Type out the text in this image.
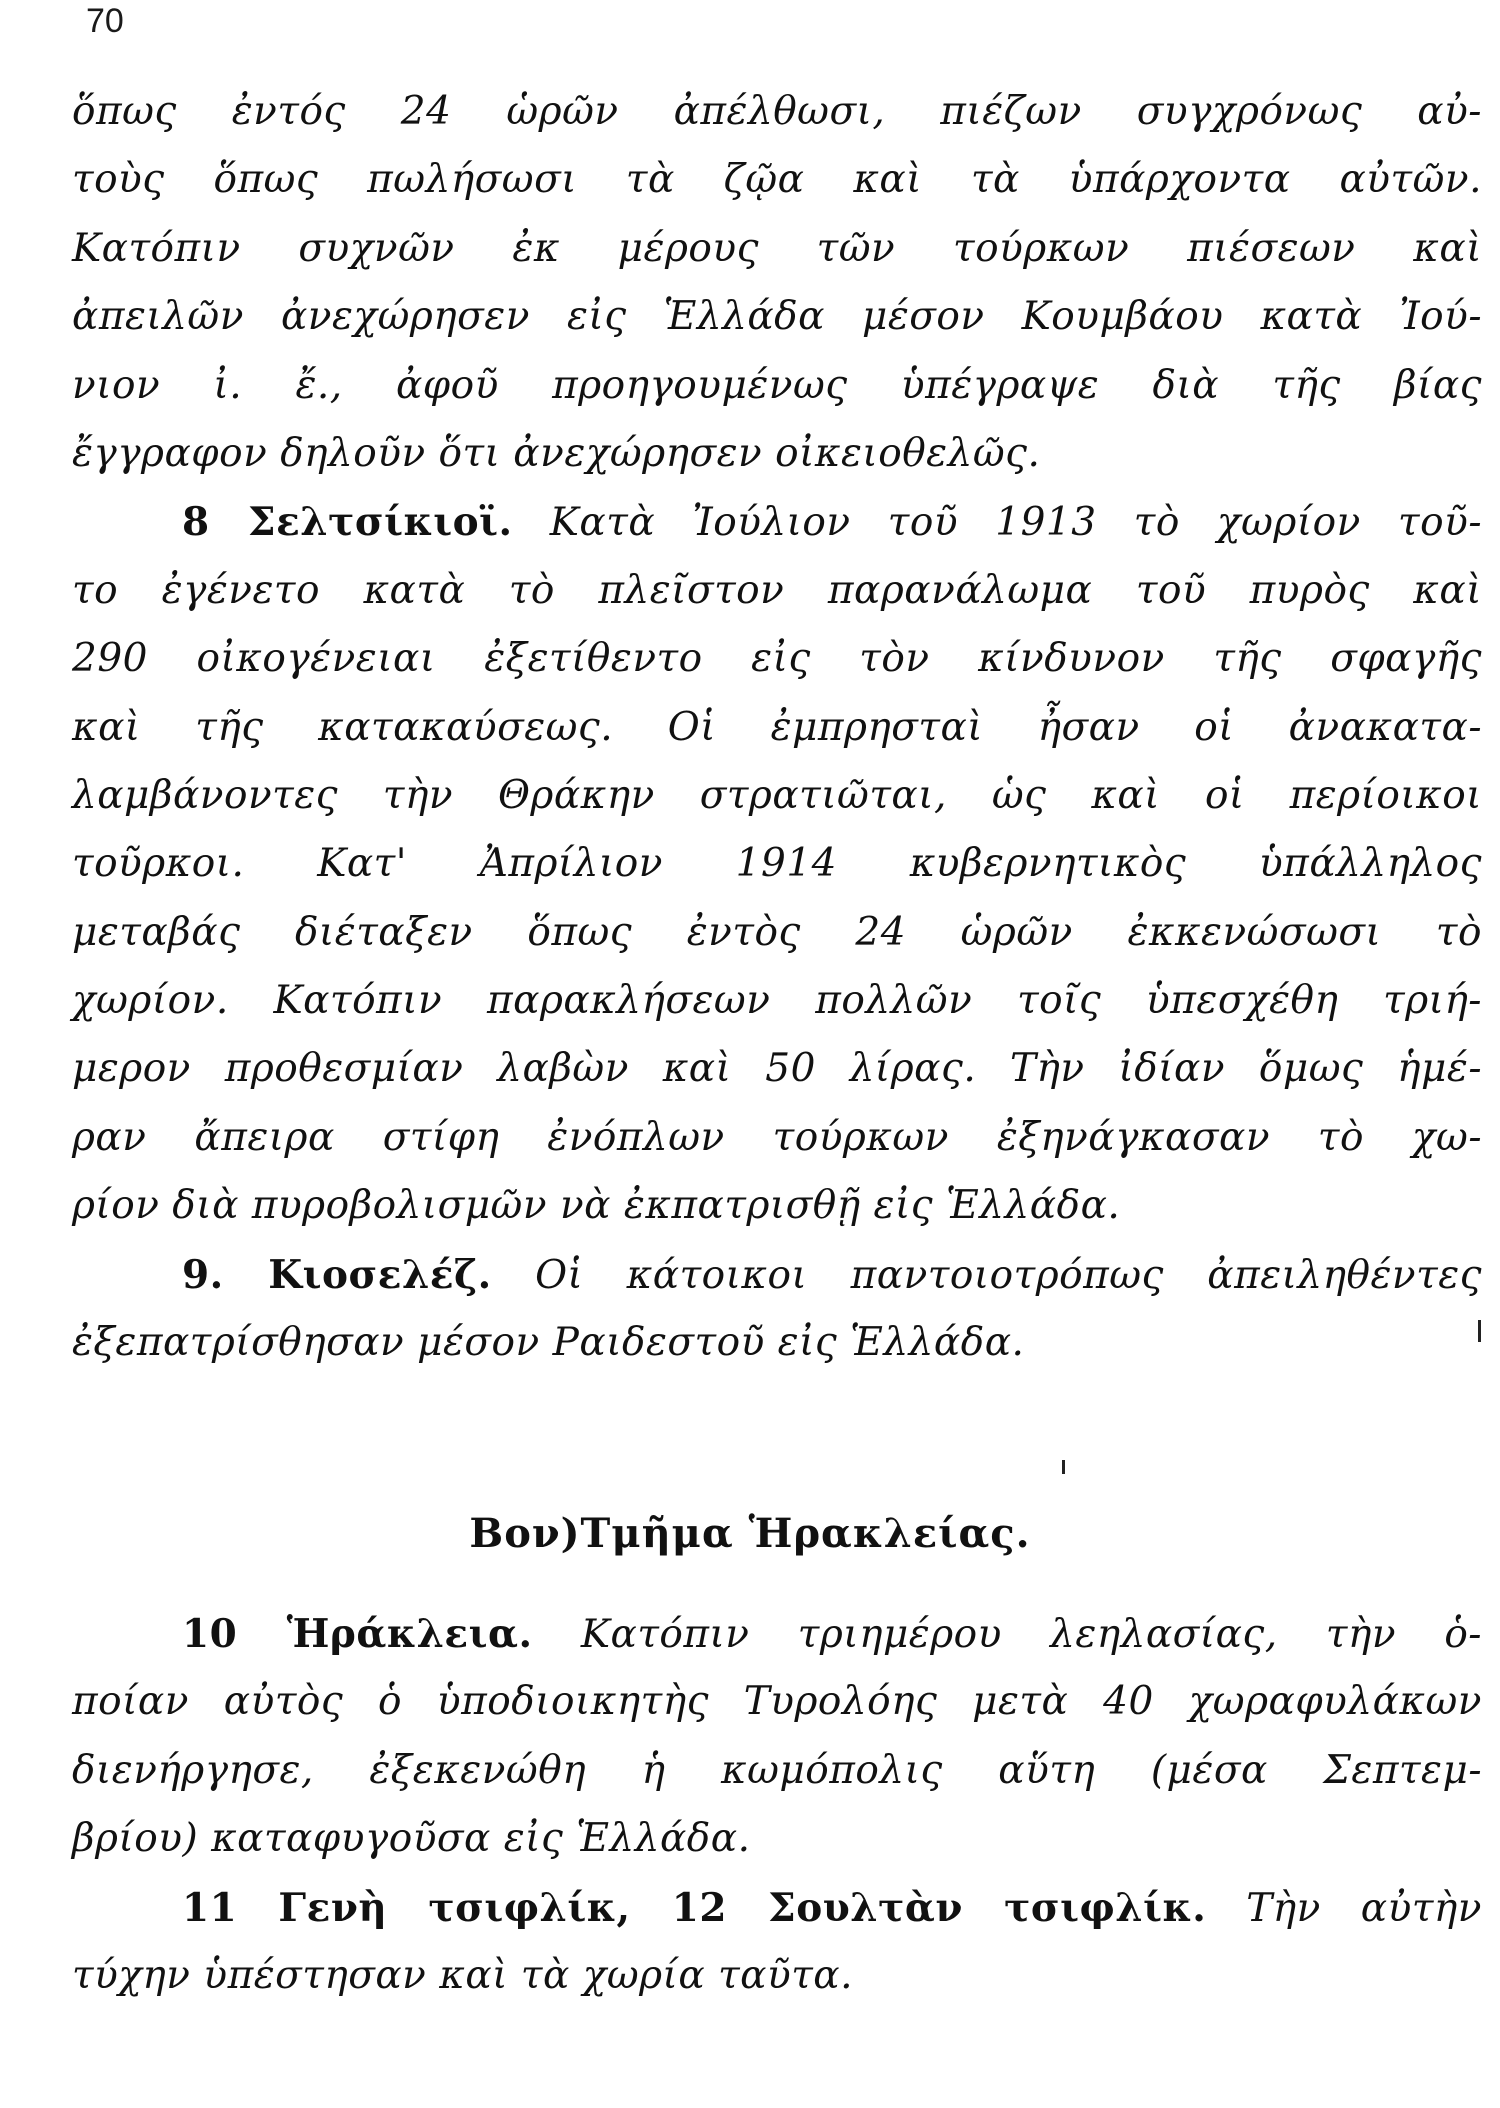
70
ὅπως ἐντός 24 ὡρῶν ἀπέλθωσι, πιέζων συγχρόνως αὐ-
τοὺς ὅπως πωλήσωσι τὰ ζῷα καὶ τὰ ὑπάρχοντα αὐτῶν.
Κατόπιν συχνῶν ἐκ μέρους τῶν τούρκων πιέσεων καὶ
ἀπειλῶν ἀνεχώρησεν εἰς Ἑλλάδα μέσον Κουμβάου κατὰ Ἰού-
νιον ἰ. ἔ., ἀφοῦ προηγουμένως ὑπέγραψε διὰ τῆς βίας
ἔγγραφον δηλοῦν ὅτι ἀνεχώρησεν οἰκειοθελῶς.
8 Σελτσίκιοϊ. Κατὰ Ἰούλιον τοῦ 1913 τὸ χωρίον τοῦ-
το ἐγένετο κατὰ τὸ πλεῖστον παρανάλωμα τοῦ πυρὸς καὶ
290 οἰκογένειαι ἐξετίθεντο εἰς τὸν κίνδυνον τῆς σφαγῆς
καὶ τῆς κατακαύσεως. Οἱ ἐμπρησταὶ ἦσαν οἱ ἀνακατα-
λαμβάνοντες τὴν Θράκην στρατιῶται, ὡς καὶ οἱ περίοικοι
τοῦρκοι. Κατ' Ἀπρίλιον 1914 κυβερνητικὸς ὑπάλληλος
μεταβάς διέταξεν ὅπως ἐντὸς 24 ὡρῶν ἐκκενώσωσι τὸ
χωρίον. Κατόπιν παρακλήσεων πολλῶν τοῖς ὑπεσχέθη τριή-
μερον προθεσμίαν λαβὼν καὶ 50 λίρας. Τὴν ἰδίαν ὅμως ἡμέ-
ραν ἄπειρα στίφη ἐνόπλων τούρκων ἐξηνάγκασαν τὸ χω-
ρίον διὰ πυροβολισμῶν νὰ ἐκπατρισθῇ εἰς Ἑλλάδα.
9. Κιοσελέζ. Οἱ κάτοικοι παντοιοτρόπως ἀπειληθέντες
ἐξεπατρίσθησαν μέσον Ραιδεστοῦ εἰς Ἑλλάδα.
Βον)Τμῆμα Ἡρακλείας.
10 Ἡράκλεια. Κατόπιν τριημέρου λεηλασίας, τὴν ὁ-
ποίαν αὐτὸς ὁ ὑποδιοικητὴς Τυρολόης μετὰ 40 χωραφυλάκων
διενήργησε, ἐξεκενώθη ἡ κωμόπολις αὕτη (μέσα Σεπτεμ-
βρίου) καταφυγοῦσα εἰς Ἑλλάδα.
11 Γενὴ τσιφλίκ, 12 Σουλτὰν τσιφλίκ. Τὴν αὐτὴν
τύχην ὑπέστησαν καὶ τὰ χωρία ταῦτα.
